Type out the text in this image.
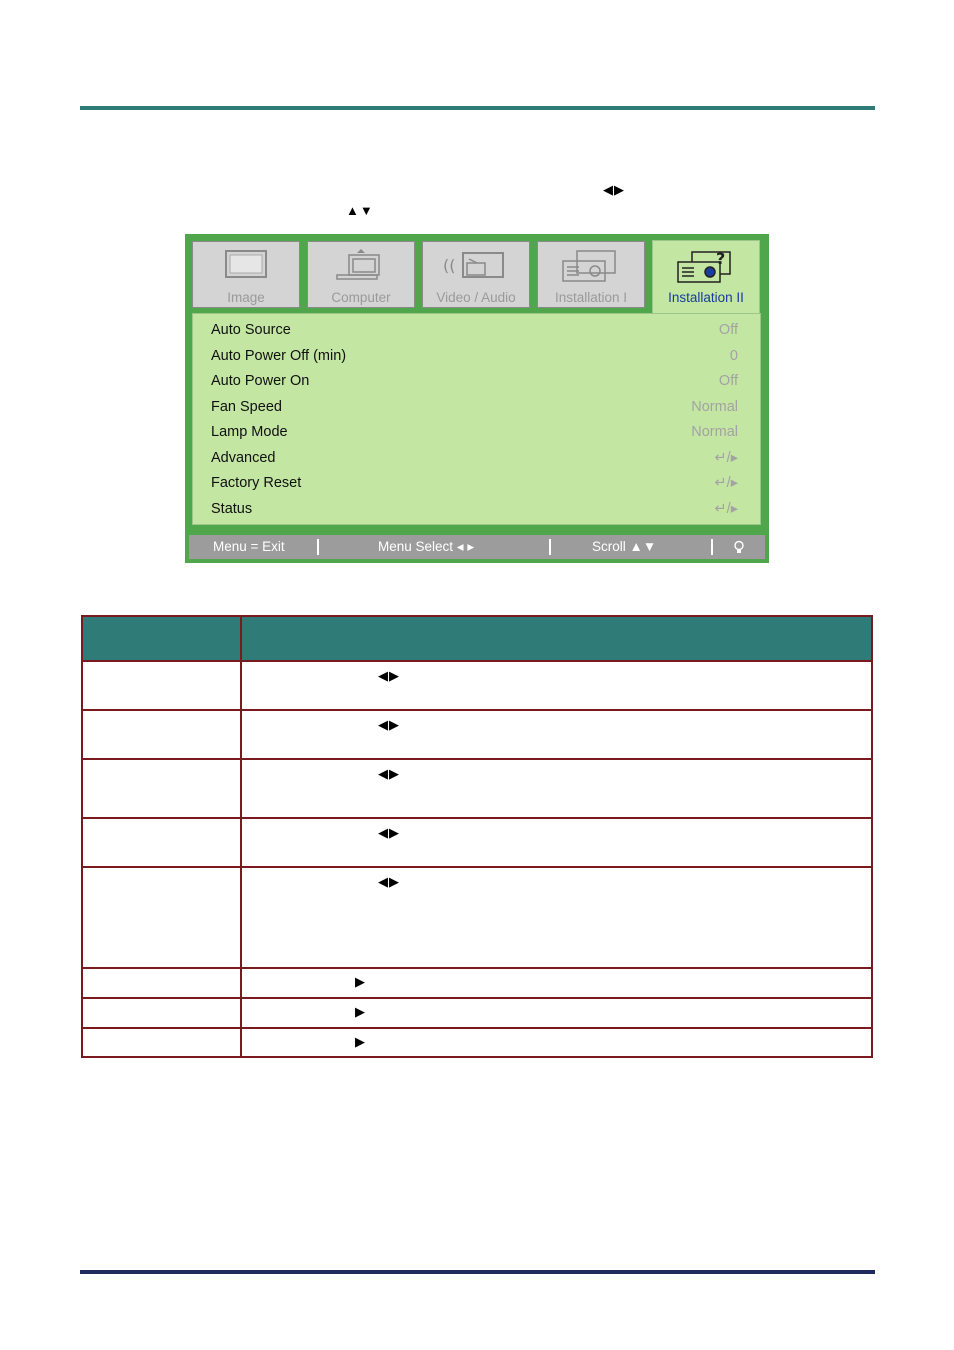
◀▶
▲▼
Image	Computer
((
Video / Audio	Installation I
?
Installation II
Auto Source	Off
Auto Power Off (min)	0
Auto Power On	Off
Fan Speed	Normal
Lamp Mode	Normal
Advanced	↵/▸
Factory Reset	↵/▸
Status	↵/▸
Menu = Exit	Menu Select ◂ ▸	Scroll ▲▼
◀▶
◀▶
◀▶
◀▶
◀▶
▶
▶
▶
